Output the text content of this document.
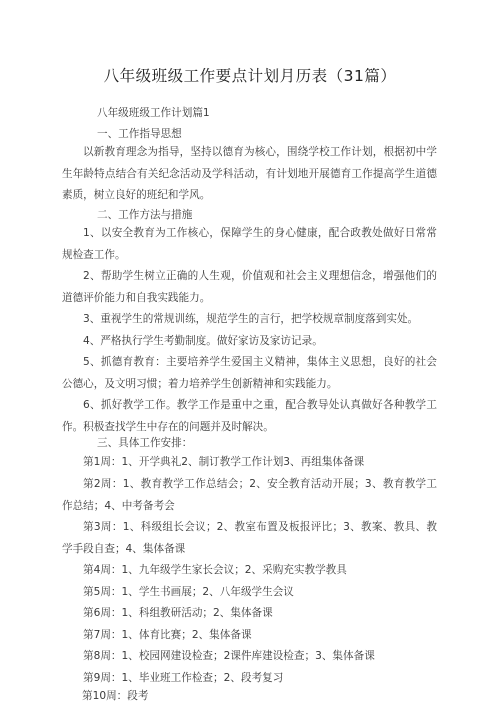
八年级班级工作要点计划月历表（31篇）
八年级班级工作计划篇1
一、工作指导思想
以新教育理念为指导，坚持以德育为核心，围绕学校工作计划，根据初中学生年龄特点结合有关纪念活动及学科活动，有计划地开展德育工作提高学生道德素质，树立良好的班纪和学风。
二、工作方法与措施
1、以安全教育为工作核心，保障学生的身心健康，配合政教处做好日常常规检查工作。
2、帮助学生树立正确的人生观，价值观和社会主义理想信念，增强他们的道德评价能力和自我实践能力。
3、重视学生的常规训练，规范学生的言行，把学校规章制度落到实处。
4、严格执行学生考勤制度。做好家访及家访记录。
5、抓德育教育：主要培养学生爱国主义精神，集体主义思想，良好的社会公德心，及文明习惯；着力培养学生创新精神和实践能力。
6、抓好教学工作。教学工作是重中之重，配合教导处认真做好各种教学工作。积极查找学生中存在的问题并及时解决。
三、具体工作安排：
第1周：1、开学典礼2、制订教学工作计划3、再组集体备课
第2周：1、教育教学工作总结会；2、安全教育活动开展；3、教育教学工作总结；4、中考备考会
第3周：1、科级组长会议；2、教室布置及板报评比；3、教案、教具、教学手段自查；4、集体备课
第4周：1、九年级学生家长会议；2、采购充实教学教具
第5周：1、学生书画展；2、八年级学生会议
第6周：1、科组教研活动；2、集体备课
第7周：1、体育比赛；2、集体备课
第8周：1、校园网建设检查；2课件库建设检查；3、集体备课
第9周：1、毕业班工作检查；2、段考复习
第10周：段考
